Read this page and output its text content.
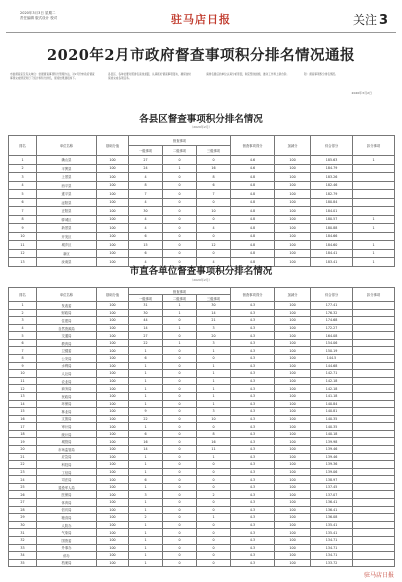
2020年3月3日 星期二
责任编辑 版式设计 校对	驻马店日报	关注 3
2020年2月市政府督查事项积分排名情况通报
市委督查室及有关单位：依据督查事项积分管理办法，对2月份市政府督查事项完成情况进行了统计和积分排名，现将结果通报如下。
各县区、各单位要对照排名查找差距，认真抓好督查事项落实，确保按时保质完成各项任务。
请排名靠后的单位认真分析原因，制定整改措施，推动工作再上新台阶。	附：督查事项积分排名情况。
2020年3月2日
各县区督查事项积分排名情况
（2020年2月）
排名	单位名称	基础分值	督查事项			督查事项得分	加减分	综合得分	扣分事项
			一级事项	二级事项	三级事项				
1	确山县	100	27	0	0	4.6	100	185.63	1
2	平舆县	100	24	1	16	4.6	100	184.79	
3	上蔡县	100	4	0	8	4.8	100	183.26	
4	西平县	100	8	0	6	4.8	100	182.46	
5	遂平县	100	7	0	7	4.8	100	182.79	
6	泌阳县	100	4	0	0	4.8	100	180.84	
7	正阳县	100	30	0	10	4.8	100	184.01	
8	驿城区	100	4	0	0	4.8	100	180.57	1
9	新蔡县	100	4	0	4	4.8	100	180.88	1
10	开发区	100	6	0	0	4.8	100	184.66	
11	城乡区	100	15	0	12	4.8	100	184.60	1
12	新区	100	6	0	0	4.8	100	184.41	1
13	汝南县	100	4	0	4	4.8	100	183.41	1
市直各单位督查事项积分排名情况
（2020年2月）
排名	单位名称	基础分值	督查事项			督查事项得分	加减分	综合得分	扣分事项
			一级事项	二级事项	三级事项				
1	发改委	100	31	1	30	4.3	100	177.41	
2	财政局	100	30	1	14	4.3	100	176.32	
3	住建局	100	44	0	21	4.3	100	174.68	
4	自然资源局	100	14	1	3	4.3	100	172.27	
5	交通局	100	27	0	20	4.3	100	164.08	
6	教育局	100	22	1	3	4.3	100	154.06	
7	卫健委	100	1	0	1	4.3	100	150.19	
8	公安局	100	6	0	0	4.3	100	144.5	
9	水利局	100	1	0	1	4.3	100	144.68	
10	人社局	100	1	0	1	4.3	100	142.71	
11	农业局	100	1	0	1	4.3	100	142.18	
12	商务局	100	1	0	1	4.3	100	142.18	
13	民政局	100	1	0	1	4.3	100	141.18	
14	环保局	100	1	0	1	4.3	100	140.84	
15	林业局	100	9	0	3	4.3	100	140.81	
16	文旅局	100	22	0	10	4.3	100	140.35	
17	审计局	100	1	0	0	4.3	100	140.35	
18	统计局	100	6	0	8	4.3	100	140.18	
19	城管局	100	16	0	16	4.3	100	139.98	
20	市场监管局	100	14	0	11	4.3	100	139.46	
21	应急局	100	1	0	1	4.3	100	139.46	
22	科技局	100	1	0	0	4.3	100	139.36	
23	工信局	100	1	0	0	4.3	100	139.06	
24	司法局	100	6	0	0	4.3	100	138.97	
25	退役军人局	100	1	0	0	4.3	100	137.45	
26	医保局	100	3	0	2	4.3	100	137.07	
27	体育局	100	1	0	0	4.3	100	136.41	
28	信访局	100	1	0	0	4.3	100	136.41	
29	粮食局	100	2	0	1	4.3	100	136.08	
30	人防办	100	1	0	0	4.3	100	135.41	
31	气象局	100	1	0	0	4.3	100	135.41	
32	国资委	100	1	0	0	4.3	100	134.71	
33	外事办	100	1	0	0	4.3	100	134.71	
34	侨办	100	1	0	0	4.3	100	134.71	
35	档案局	100	1	0	0	4.3	100	133.72	
驻马店日报
